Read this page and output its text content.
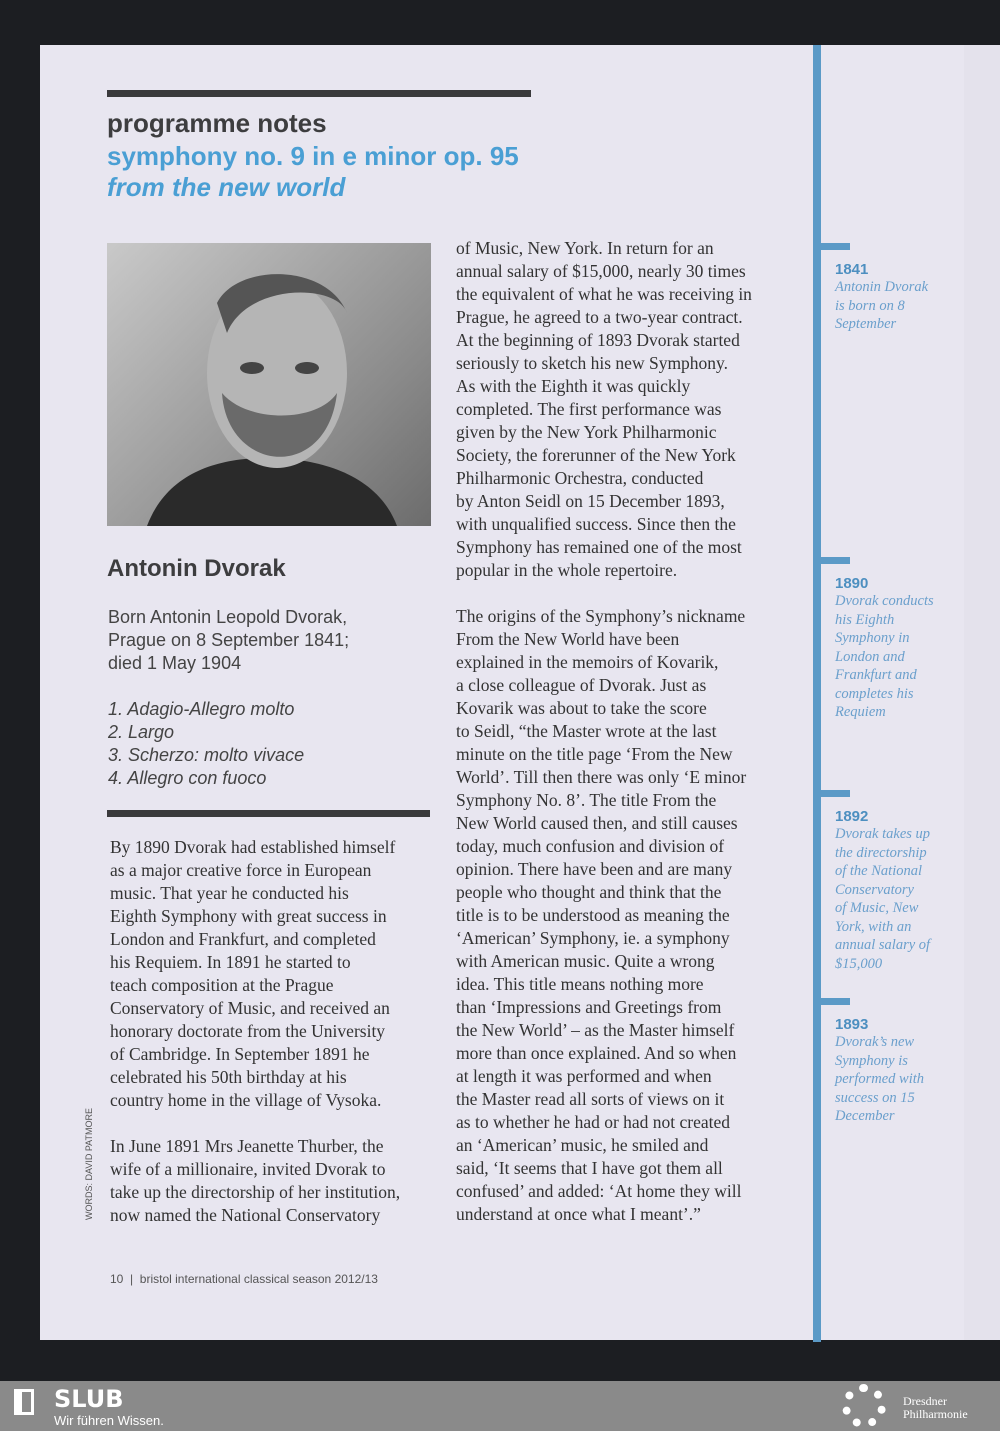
programme notes
symphony no. 9 in e minor op. 95
from the new world
Antonin Dvorak
Born Antonin Leopold Dvorak,
Prague on 8 September 1841;
died 1 May 1904
1. Adagio-Allegro molto
2. Largo
3. Scherzo: molto vivace
4. Allegro con fuoco
By 1890 Dvorak had established himself
as a major creative force in European
music. That year he conducted his
Eighth Symphony with great success in
London and Frankfurt, and completed
his Requiem. In 1891 he started to
teach composition at the Prague
Conservatory of Music, and received an
honorary doctorate from the University
of Cambridge. In September 1891 he
celebrated his 50th birthday at his
country home in the village of Vysoka.
In June 1891 Mrs Jeanette Thurber, the
wife of a millionaire, invited Dvorak to
take up the directorship of her institution,
now named the National Conservatory
of Music, New York. In return for an
annual salary of $15,000, nearly 30 times
the equivalent of what he was receiving in
Prague, he agreed to a two-year contract.
At the beginning of 1893 Dvorak started
seriously to sketch his new Symphony.
As with the Eighth it was quickly
completed. The first performance was
given by the New York Philharmonic
Society, the forerunner of the New York
Philharmonic Orchestra, conducted
by Anton Seidl on 15 December 1893,
with unqualified success. Since then the
Symphony has remained one of the most
popular in the whole repertoire.
The origins of the Symphony’s nickname
From the New World have been
explained in the memoirs of Kovarik,
a close colleague of Dvorak. Just as
Kovarik was about to take the score
to Seidl, “the Master wrote at the last
minute on the title page ‘From the New
World’. Till then there was only ‘E minor
Symphony No. 8’. The title From the
New World caused then, and still causes
today, much confusion and division of
opinion. There have been and are many
people who thought and think that the
title is to be understood as meaning the
‘American’ Symphony, ie. a symphony
with American music. Quite a wrong
idea. This title means nothing more
than ‘Impressions and Greetings from
the New World’ – as the Master himself
more than once explained. And so when
at length it was performed and when
the Master read all sorts of views on it
as to whether he had or had not created
an ‘American’ music, he smiled and
said, ‘It seems that I have got them all
confused’ and added: ‘At home they will
understand at once what I meant’.”
WORDS: DAVID PATMORE
10  |  bristol international classical season 2012/13
1841
Antonin Dvorak
is born on 8
September
1890
Dvorak conducts
his Eighth
Symphony in
London and
Frankfurt and
completes his
Requiem
1892
Dvorak takes up
the directorship
of the National
Conservatory
of Music, New
York, with an
annual salary of
$15,000
1893
Dvorak’s new
Symphony is
performed with
success on 15
December
SLUB
Wir führen Wissen.
Dresdner
Philharmonie
